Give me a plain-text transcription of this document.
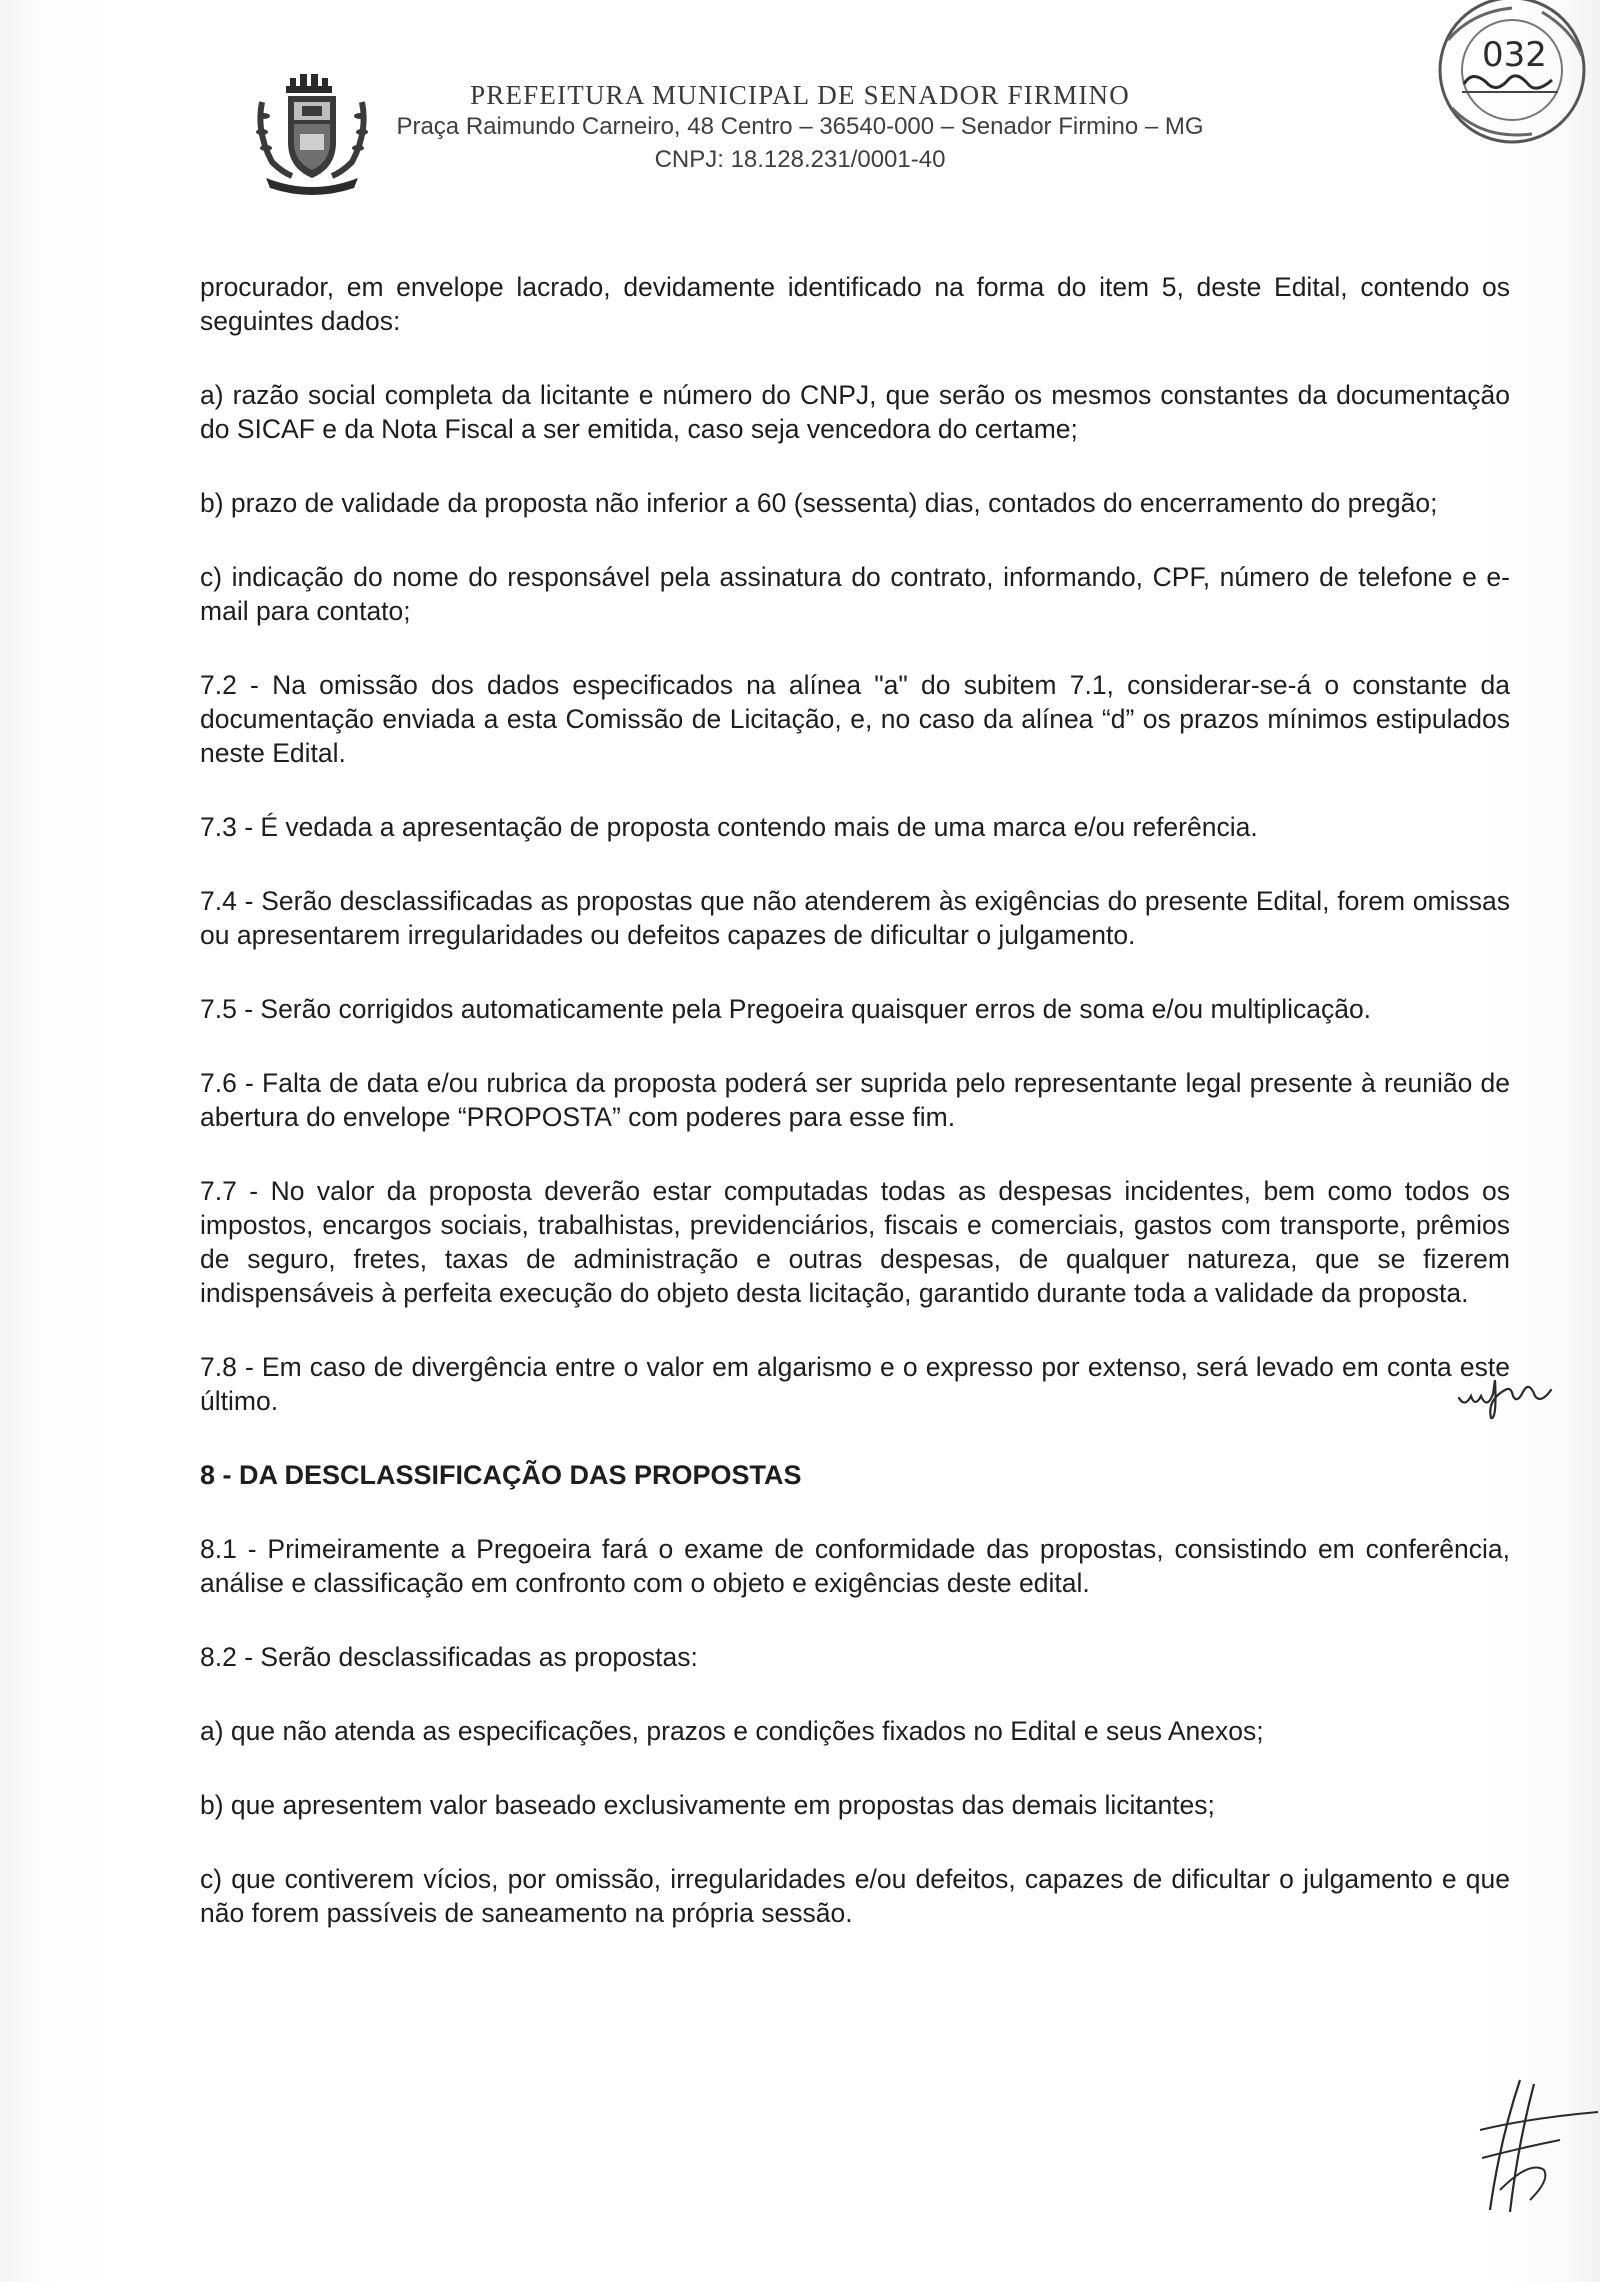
PREFEITURA MUNICIPAL DE SENADOR FIRMINO
Praça Raimundo Carneiro, 48 Centro – 36540-000 – Senador Firmino – MG
CNPJ: 18.128.231/0001-40
032

procurador, em envelope lacrado, devidamente identificado na forma do item 5, deste Edital, contendo os seguintes dados:

a) razão social completa da licitante e número do CNPJ, que serão os mesmos constantes da documentação do SICAF e da Nota Fiscal a ser emitida, caso seja vencedora do certame;

b) prazo de validade da proposta não inferior a 60 (sessenta) dias, contados do encerramento do pregão;

c) indicação do nome do responsável pela assinatura do contrato, informando, CPF, número de telefone e e-mail para contato;

7.2 - Na omissão dos dados especificados na alínea "a" do subitem 7.1, considerar-se-á o constante da documentação enviada a esta Comissão de Licitação, e, no caso da alínea “d” os prazos mínimos estipulados neste Edital.

7.3 - É vedada a apresentação de proposta contendo mais de uma marca e/ou referência.

7.4 - Serão desclassificadas as propostas que não atenderem às exigências do presente Edital, forem omissas ou apresentarem irregularidades ou defeitos capazes de dificultar o julgamento.

7.5 - Serão corrigidos automaticamente pela Pregoeira quaisquer erros de soma e/ou multiplicação.

7.6 - Falta de data e/ou rubrica da proposta poderá ser suprida pelo representante legal presente à reunião de abertura do envelope “PROPOSTA” com poderes para esse fim.

7.7 - No valor da proposta deverão estar computadas todas as despesas incidentes, bem como todos os impostos, encargos sociais, trabalhistas, previdenciários, fiscais e comerciais, gastos com transporte, prêmios de seguro, fretes, taxas de administração e outras despesas, de qualquer natureza, que se fizerem indispensáveis à perfeita execução do objeto desta licitação, garantido durante toda a validade da proposta.

7.8 - Em caso de divergência entre o valor em algarismo e o expresso por extenso, será levado em conta este último.

8 - DA DESCLASSIFICAÇÃO DAS PROPOSTAS

8.1 - Primeiramente a Pregoeira fará o exame de conformidade das propostas, consistindo em conferência, análise e classificação em confronto com o objeto e exigências deste edital.

8.2 - Serão desclassificadas as propostas:

a) que não atenda as especificações, prazos e condições fixados no Edital e seus Anexos;

b) que apresentem valor baseado exclusivamente em propostas das demais licitantes;

c) que contiverem vícios, por omissão, irregularidades e/ou defeitos, capazes de dificultar o julgamento e que não forem passíveis de saneamento na própria sessão.
